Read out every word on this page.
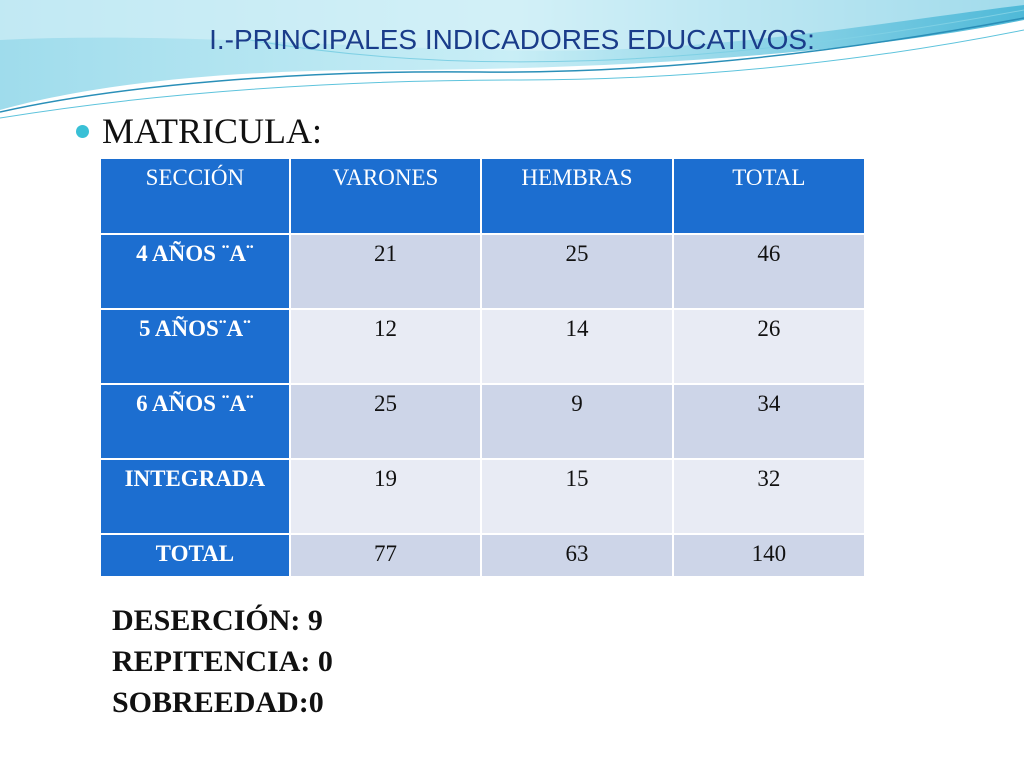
I.-PRINCIPALES INDICADORES EDUCATIVOS:
MATRICULA:
SECCIÓN	VARONES	HEMBRAS	TOTAL
4 AÑOS ¨A¨	21	25	46
5 AÑOS¨A¨	12	14	26
6 AÑOS ¨A¨	25	9	34
INTEGRADA	19	15	32
TOTAL	77	63	140
DESERCIÓN: 9
REPITENCIA: 0
SOBREEDAD:0
